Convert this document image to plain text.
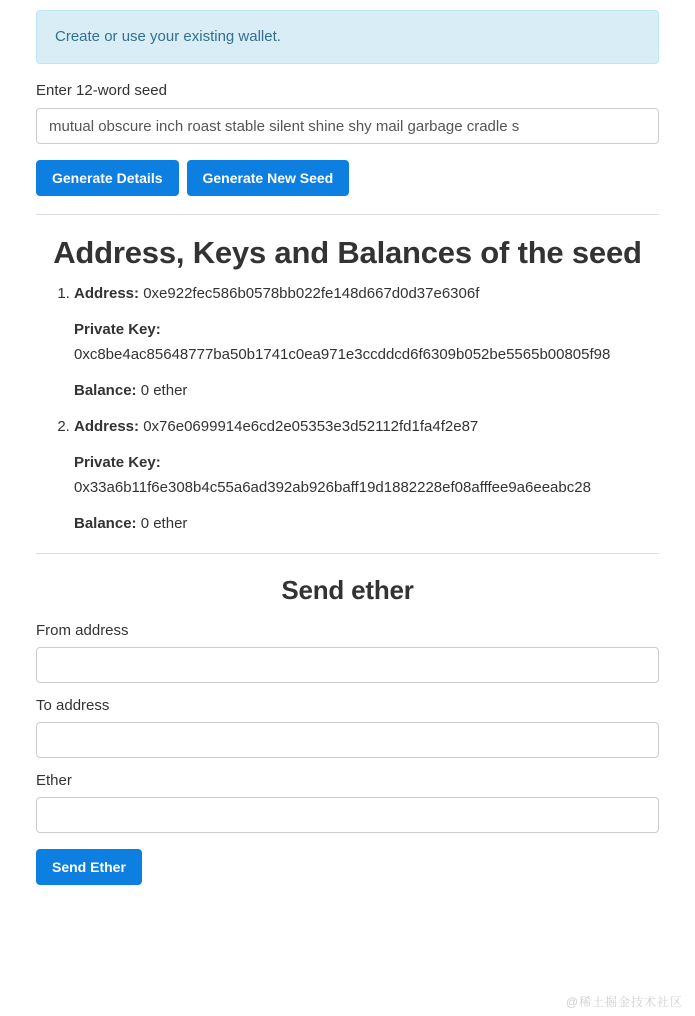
Create or use your existing wallet.
Enter 12-word seed
mutual obscure inch roast stable silent shine shy mail garbage cradle s
Generate Details	Generate New Seed
Address, Keys and Balances of the seed

1. Address: 0xe922fec586b0578bb022fe148d667d0d37e6306f

Private Key:
0xc8be4ac85648777ba50b1741c0ea971e3ccddcd6f6309b052be5565b00805f98

Balance: 0 ether

2. Address: 0x76e0699914e6cd2e05353e3d52112fd1fa4f2e87

Private Key:
0x33a6b11f6e308b4c55a6ad392ab926baff19d1882228ef08afffee9a6eeabc28

Balance: 0 ether

Send ether
From address
To address
Ether
Send Ether
@稀土掘金技术社区
